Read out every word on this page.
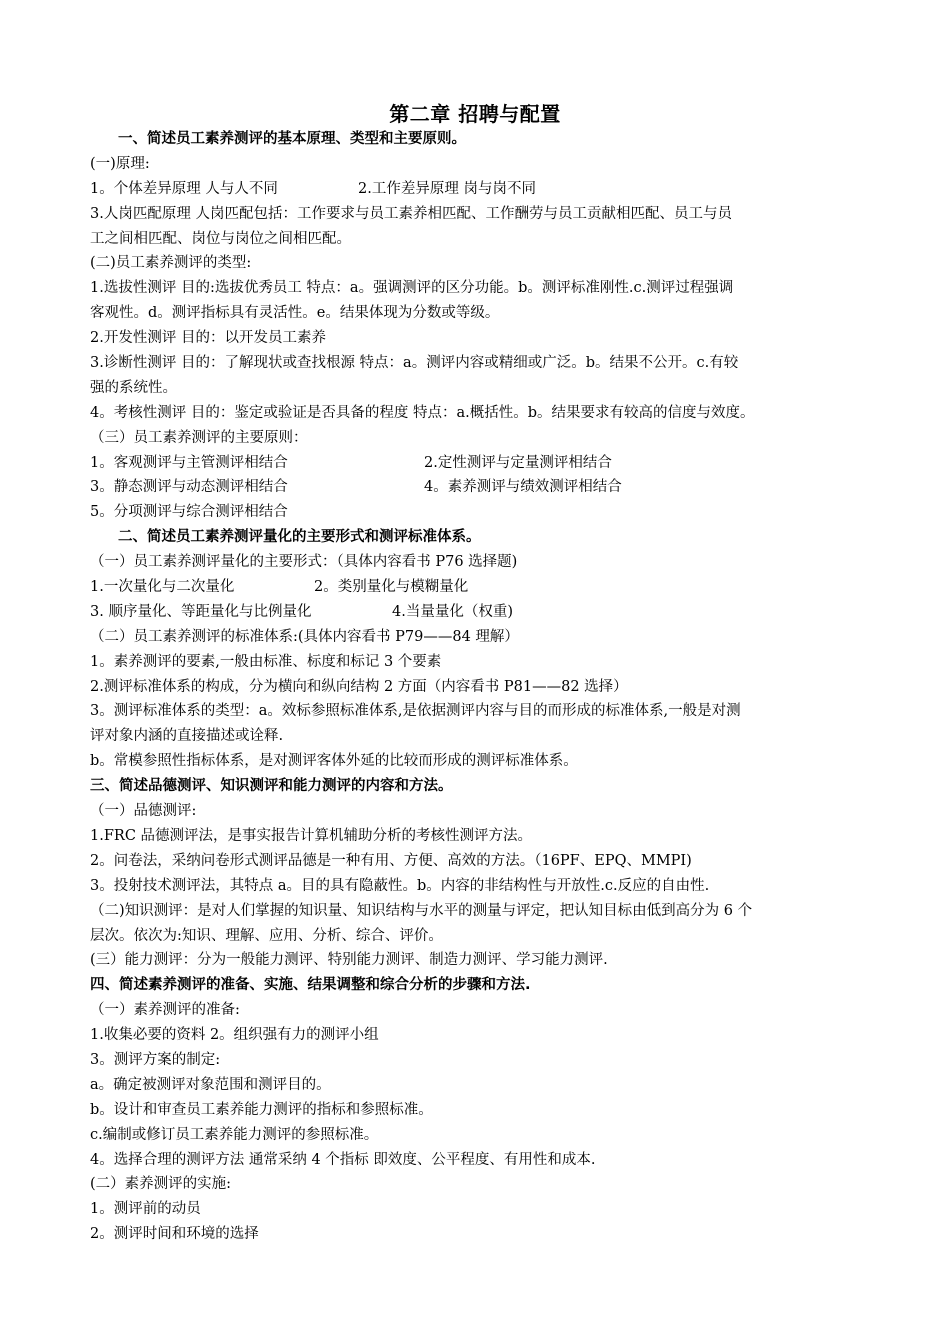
第二章 招聘与配置
一、简述员工素养测评的基本原理、类型和主要原则。
(一)原理:
1。个体差异原理 人与人不同	2.工作差异原理 岗与岗不同
3.人岗匹配原理 人岗匹配包括：工作要求与员工素养相匹配、工作酬劳与员工贡献相匹配、员工与员
工之间相匹配、岗位与岗位之间相匹配。
(二)员工素养测评的类型:
1.选拔性测评 目的:选拔优秀员工 特点：a。强调测评的区分功能。b。测评标准刚性.c.测评过程强调
客观性。d。测评指标具有灵活性。e。结果体现为分数或等级。
2.开发性测评 目的：以开发员工素养
3.诊断性测评 目的：了解现状或查找根源 特点：a。测评内容或精细或广泛。b。结果不公开。c.有较
强的系统性。
4。考核性测评 目的：鉴定或验证是否具备的程度 特点：a.概括性。b。结果要求有较高的信度与效度。
（三）员工素养测评的主要原则：
1。客观测评与主管测评相结合	2.定性测评与定量测评相结合
3。静态测评与动态测评相结合	4。素养测评与绩效测评相结合
5。分项测评与综合测评相结合
二、简述员工素养测评量化的主要形式和测评标准体系。
（一）员工素养测评量化的主要形式：（具体内容看书 P76 选择题)
1.一次量化与二次量化	2。类别量化与模糊量化
3. 顺序量化、等距量化与比例量化	4.当量量化（权重)
（二）员工素养测评的标准体系:(具体内容看书 P79——84 理解）
1。素养测评的要素,一般由标准、标度和标记 3 个要素
2.测评标准体系的构成，分为横向和纵向结构 2 方面（内容看书 P81——82 选择）
3。测评标准体系的类型：a。效标参照标准体系,是依据测评内容与目的而形成的标准体系,一般是对测
评对象内涵的直接描述或诠释.
b。常模参照性指标体系，是对测评客体外延的比较而形成的测评标准体系。
三、简述品德测评、知识测评和能力测评的内容和方法。
（一）品德测评:
1.FRC 品德测评法，是事实报告计算机辅助分析的考核性测评方法。
2。问卷法，采纳问卷形式测评品德是一种有用、方便、高效的方法。（16PF、EPQ、MMPI)
3。投射技术测评法，其特点 a。目的具有隐蔽性。b。内容的非结构性与开放性.c.反应的自由性.
（二)知识测评：是对人们掌握的知识量、知识结构与水平的测量与评定，把认知目标由低到高分为 6 个
层次。依次为:知识、理解、应用、分析、综合、评价。
(三）能力测评：分为一般能力测评、特别能力测评、制造力测评、学习能力测评.
四、简述素养测评的准备、实施、结果调整和综合分析的步骤和方法.
（一）素养测评的准备:
1.收集必要的资料 2。组织强有力的测评小组
3。测评方案的制定:
a。确定被测评对象范围和测评目的。
b。设计和审查员工素养能力测评的指标和参照标准。
c.编制或修订员工素养能力测评的参照标准。
4。选择合理的测评方法 通常采纳 4 个指标 即效度、公平程度、有用性和成本.
(二）素养测评的实施:
1。测评前的动员
2。测评时间和环境的选择
